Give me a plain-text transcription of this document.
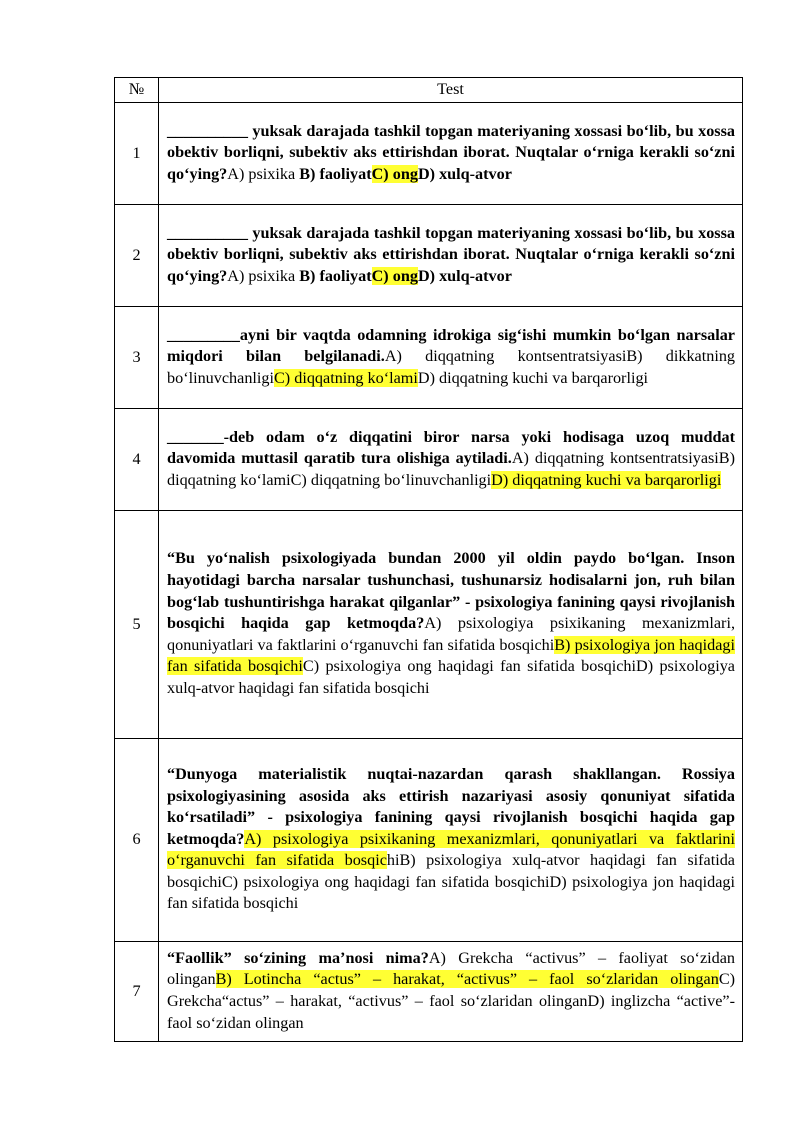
№	Test
1	__________ yuksak darajada tashkil topgan materiyaning xossasi bo‘lib, bu xossa obektiv borliqni, subektiv aks ettirishdan iborat. Nuqtalar o‘rniga kerakli so‘zni qo‘ying?A) psixika B) faoliyatC) ongD) xulq-atvor
2	__________ yuksak darajada tashkil topgan materiyaning xossasi bo‘lib, bu xossa obektiv borliqni, subektiv aks ettirishdan iborat. Nuqtalar o‘rniga kerakli so‘zni qo‘ying?A) psixika B) faoliyatC) ongD) xulq-atvor
3	_________ayni bir vaqtda odamning idrokiga sig‘ishi mumkin bo‘lgan narsalar miqdori bilan belgilanadi.A) diqqatning kontsentratsiyasiB) dikkatning bo‘linuvchanligiC) diqqatning ko‘lamiD) diqqatning kuchi va barqarorligi
4	_______-deb odam o‘z diqqatini biror narsa yoki hodisaga uzoq muddat davomida muttasil qaratib tura olishiga aytiladi.A) diqqatning kontsentratsiyasiB) diqqatning ko‘lamiC) diqqatning bo‘linuvchanligiD) diqqatning kuchi va barqarorligi
5	“Bu yo‘nalish psixologiyada bundan 2000 yil oldin paydo bo‘lgan. Inson hayotidagi barcha narsalar tushunchasi, tushunarsiz hodisalarni jon, ruh bilan bog‘lab tushuntirishga harakat qilganlar” - psixologiya fanining qaysi rivojlanish bosqichi haqida gap ketmoqda?A) psixologiya psixikaning mexanizmlari, qonuniyatlari va faktlarini o‘rganuvchi fan sifatida bosqichiB) psixologiya jon haqidagi fan sifatida bosqichiC) psixologiya ong haqidagi fan sifatida bosqichiD) psixologiya xulq-atvor haqidagi fan sifatida bosqichi
6	“Dunyoga materialistik nuqtai-nazardan qarash shakllangan. Rossiya psixologiyasining asosida aks ettirish nazariyasi asosiy qonuniyat sifatida ko‘rsatiladi” - psixologiya fanining qaysi rivojlanish bosqichi haqida gap ketmoqda?A) psixologiya psixikaning mexanizmlari, qonuniyatlari va faktlarini o‘rganuvchi fan sifatida bosqichiB) psixologiya xulq-atvor haqidagi fan sifatida bosqichiC) psixologiya ong haqidagi fan sifatida bosqichiD) psixologiya jon haqidagi fan sifatida bosqichi
7	“Faollik” so‘zining ma’nosi nima?A) Grekcha “activus” – faoliyat so‘zidan olinganB) Lotincha “actus” – harakat, “activus” – faol so‘zlaridan olinganC) Grekcha“actus” – harakat, “activus” – faol so‘zlaridan olinganD) inglizcha “active”- faol so‘zidan olingan
